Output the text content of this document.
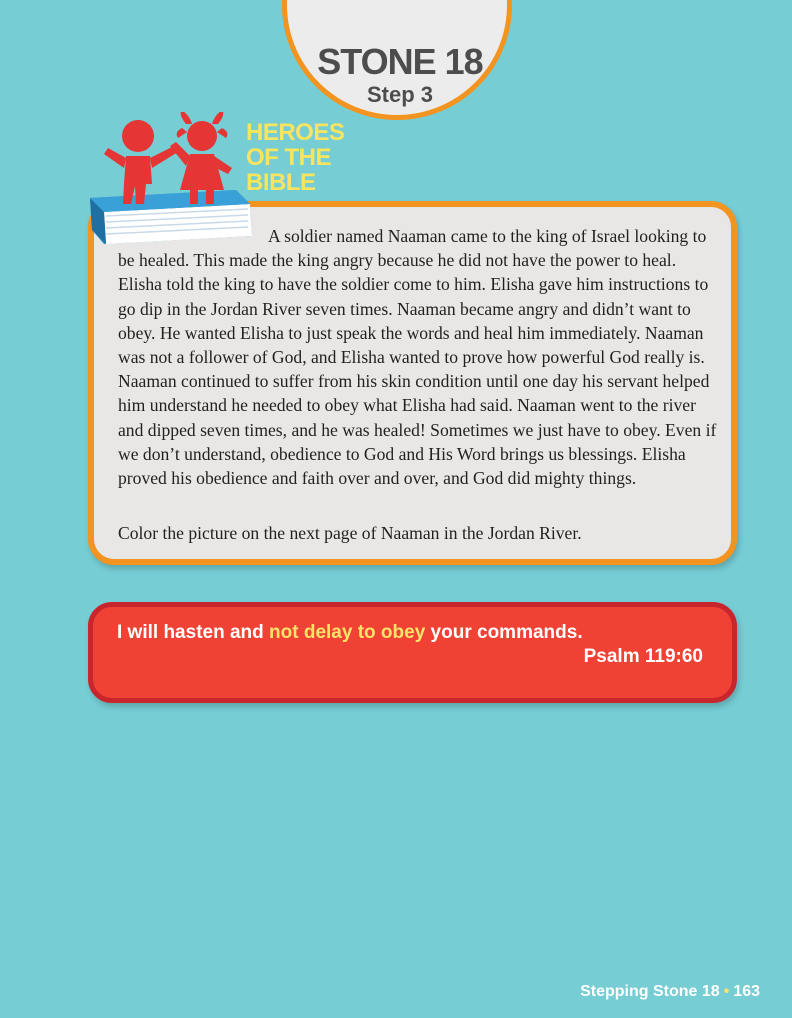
STONE 18
Step 3
HEROES
OF THE
BIBLE

A soldier named Naaman came to the king of Israel looking to be healed. This made the king angry because he did not have the power to heal. Elisha told the king to have the soldier come to him. Elisha gave him instructions to go dip in the Jordan River seven times. Naaman became angry and didn’t want to obey. He wanted Elisha to just speak the words and heal him immediately. Naaman was not a follower of God, and Elisha wanted to prove how powerful God really is. Naaman continued to suffer from his skin condition until one day his servant helped him understand he needed to obey what Elisha had said. Naaman went to the river and dipped seven times, and he was healed! Sometimes we just have to obey. Even if we don’t understand, obedience to God and His Word brings us blessings. Elisha proved his obedience and faith over and over, and God did mighty things.

Color the picture on the next page of Naaman in the Jordan River.

I will hasten and not delay to obey your commands.
Psalm 119:60
Stepping Stone 18 • 163
